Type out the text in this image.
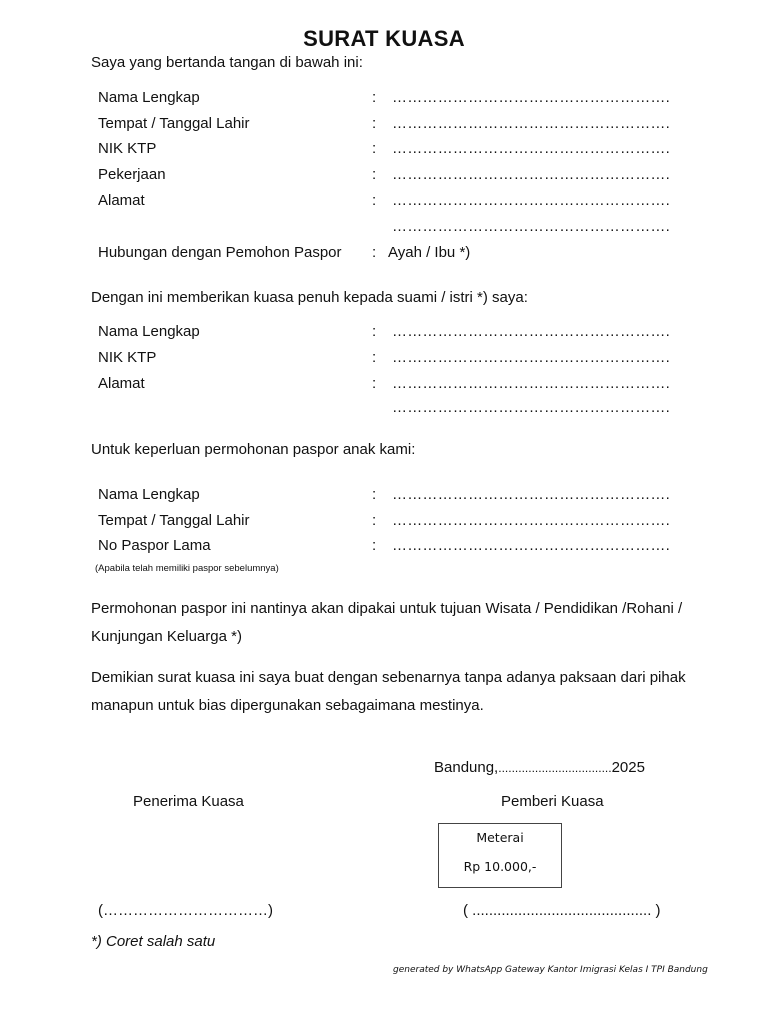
SURAT KUASA
Saya yang bertanda tangan di bawah ini:
Nama Lengkap	: ……………………………………………….
Tempat / Tanggal Lahir	: ……………………………………………….
NIK KTP	: ……………………………………………….
Pekerjaan	: ……………………………………………….
Alamat	: ……………………………………………….
……………………………………………….
Hubungan dengan Pemohon Paspor : Ayah / Ibu *)
Dengan ini memberikan kuasa penuh kepada suami / istri *) saya:
Nama Lengkap	: ……………………………………………….
NIK KTP	: ……………………………………………….
Alamat	: ……………………………………………….
……………………………………………….
Untuk keperluan permohonan paspor anak kami:
Nama Lengkap	: ……………………………………………….
Tempat / Tanggal Lahir	: ……………………………………………….
No Paspor Lama	: ……………………………………………….
(Apabila telah memiliki paspor sebelumnya)
Permohonan paspor ini nantinya akan dipakai untuk tujuan Wisata / Pendidikan /Rohani / Kunjungan Keluarga *)
Demikian surat kuasa ini saya buat dengan sebenarnya tanpa adanya paksaan dari pihak manapun untuk bias dipergunakan sebagaimana mestinya.
Bandung,..................................2025
Penerima Kuasa	Pemberi Kuasa
Meterai
Rp 10.000,-
(……………………………)	( ........................................... )
*) Coret salah satu
generated by WhatsApp Gateway Kantor Imigrasi Kelas I TPI Bandung
